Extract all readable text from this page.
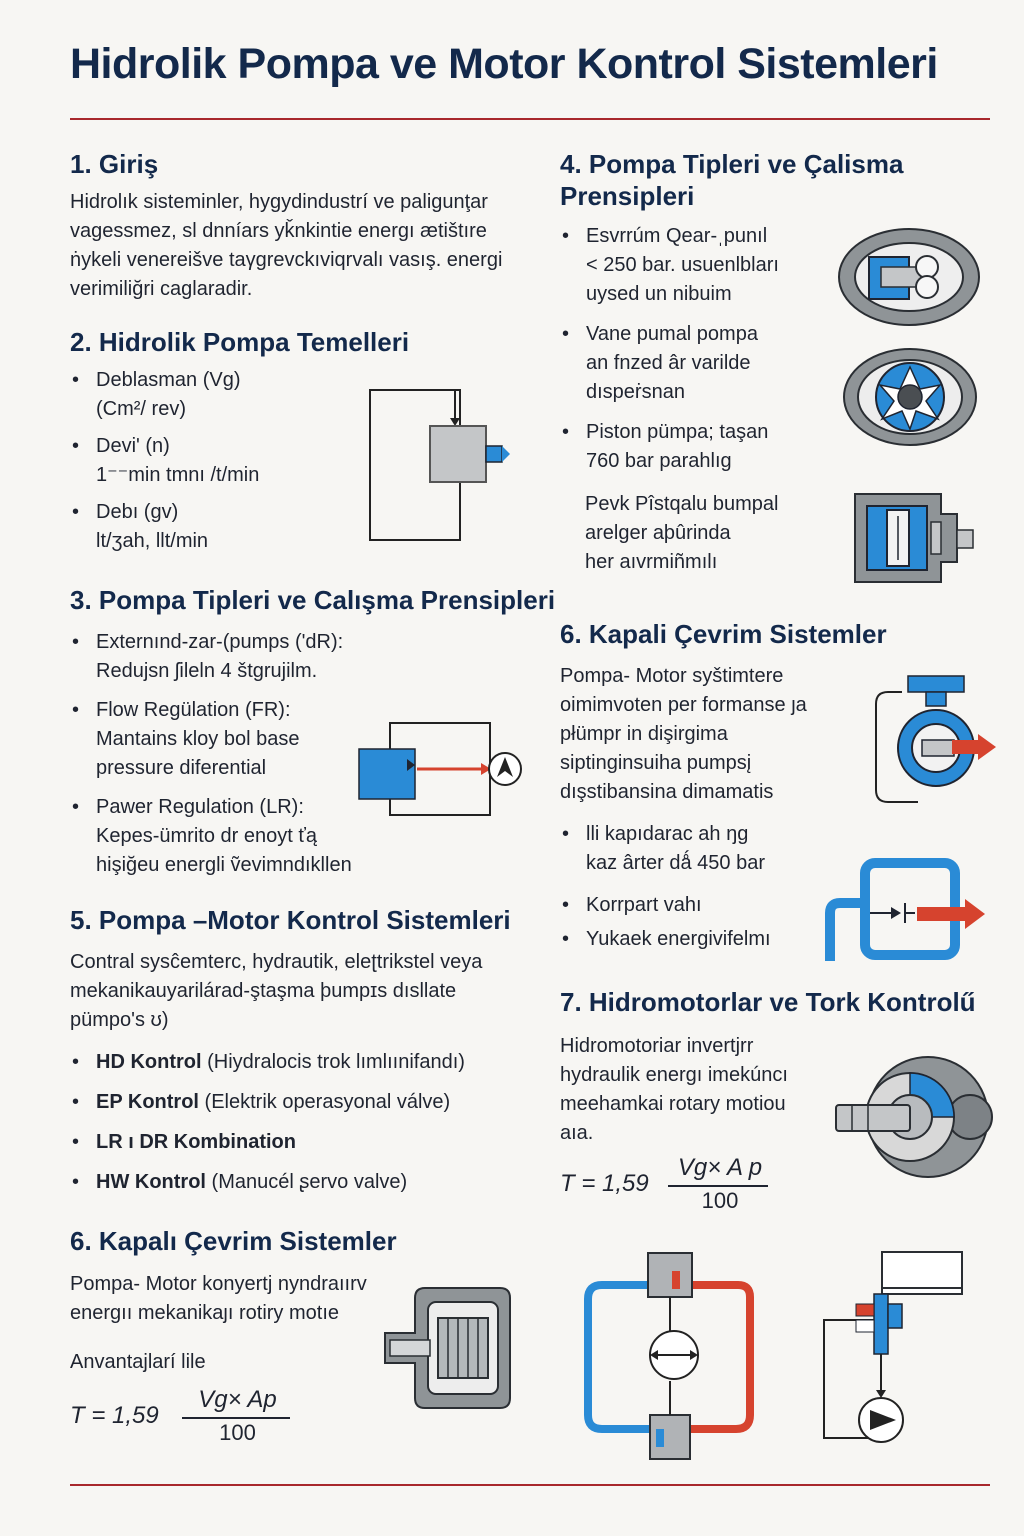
Hidrolik Pompa ve Motor Kontrol Sistemleri
1. Giriş

Hidrolık sisteminler, hygydindustrí ve paligunţar vagessmez, sl dnníars yǩnkintie energı ætištıre ṅykeli venereišve taγgrevckıviqrvalı vasış. energi verimiliğri caglaradir.

2. Hidrolik Pompa Temelleri
• Deblasman (Vg)
(Cm²/ rev)
• Deviʹ (n)
1⁻⁻min tmnı /t/min
• Debı (gv)
lt/ʒah, llt/min
3. Pompa Tipleri ve Calışma Prensipleri
• Externınd-zar-(pumps ('dR):
Redujsn ʃileln 4 štgrujilm.
• Flow Regülation (FR):
Mantains kloy bol base
pressure diferential
• Pawer Regulation (LR):
Kepes-ümrito dr enoyt ťą
hişiğeu energli ṽevimndıkllen
5. Pompa –Motor Kontrol Sistemleri

Contral sysĉemterc, hydrautik, eleʈtrikstel veya mekanikauyarilárad-ştaşma þumpɪs dısllate pümpo's ʊ)

• HD Kontrol (Hiydralocis trok lımlıınifandı)
• EP Kontrol (Elektrik operasyonal válve)
• LR ı DR Kombination
• HW Kontrol (Manucél ʂervo valve)
6. Kapalı Çevrim Sistemler

Pompa- Motor konyertj nyndraıırv energıı mekanikaȷı rotiry motıe

Anvantajlarí lile

T = 1,59
Vg× Ap
100
4. Pompa Tipleri ve Çalisma Prensipleri
• Esvrrúm Qear-ˌpunıl
< 250 bar. usuenlbları
uysed un nibuim
• Vane pumal pompa
an fnzed âr varilde
dıspeṙsnan
• Piston pümpa; taşan
760 bar parahlıg

Pevk Pîstqalu bumpal
arelger aþûrinda
her aıvrmiñmılı

6. Kapali Çevrim Sistemler

Pompa- Motor syštimtere oimimvoten per formanse ȷa płümpr in dişirgima siptinginsuiha pumpsį dışstibansina dimamatis

• lli kapıdarac ah ŋɡ
kaz ârter dǻ 450 bar
• Korrpart vahı
• Yukaek energivifelmı
7. Hidromotorlar ve Tork Kontrolű

Hidromotoriar invertjrr hydraulik energı imekúncı meehamkai rotary motiou aıa.

T = 1,59
Vg× A p
100
